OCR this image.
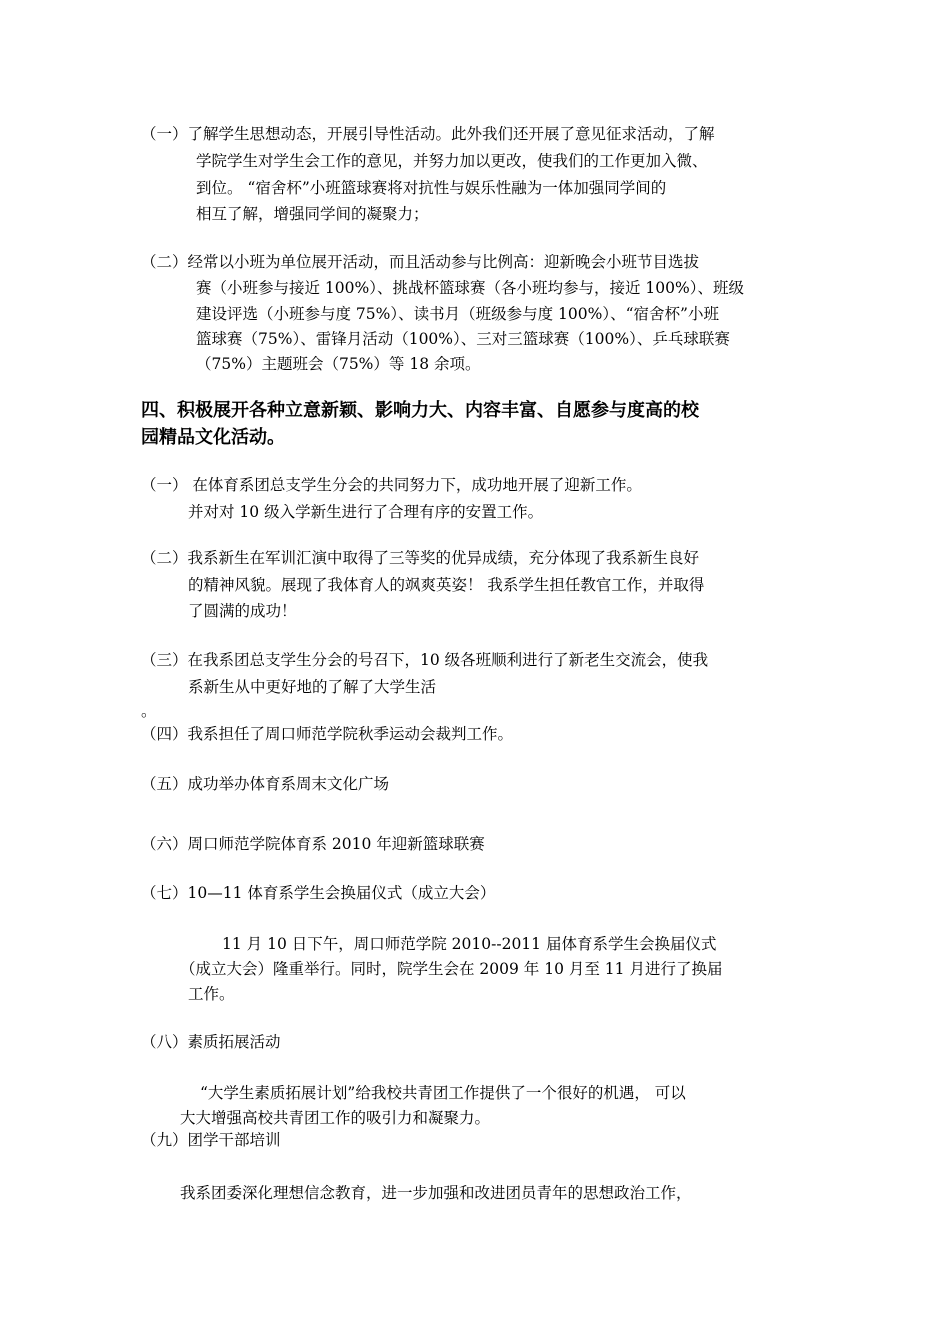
（一）了解学生思想动态，开展引导性活动。此外我们还开展了意见征求活动，了解
学院学生对学生会工作的意见，并努力加以更改，使我们的工作更加入微、
到位。 “宿舍杯”小班篮球赛将对抗性与娱乐性融为一体加强同学间的
相互了解，增强同学间的凝聚力；
（二）经常以小班为单位展开活动，而且活动参与比例高：迎新晚会小班节目选拔
赛（小班参与接近 100%）、挑战杯篮球赛（各小班均参与，接近 100%）、班级
建设评选（小班参与度 75%）、读书月（班级参与度 100%）、“宿舍杯”小班
篮球赛（75%）、雷锋月活动（100%）、三对三篮球赛（100%）、乒乓球联赛
（75%）主题班会（75%）等 18 余项。
四、积极展开各种立意新颖、影响力大、内容丰富、自愿参与度高的校
园精品文化活动。
（一） 在体育系团总支学生分会的共同努力下，成功地开展了迎新工作。
并对对 10 级入学新生进行了合理有序的安置工作。
（二）我系新生在军训汇演中取得了三等奖的优异成绩，充分体现了我系新生良好
的精神风貌。展现了我体育人的飒爽英姿！ 我系学生担任教官工作，并取得
了圆满的成功！
（三）在我系团总支学生分会的号召下，10 级各班顺利进行了新老生交流会，使我
系新生从中更好地的了解了大学生活
。
（四）我系担任了周口师范学院秋季运动会裁判工作。
（五）成功举办体育系周末文化广场
（六）周口师范学院体育系 2010 年迎新篮球联赛
（七）10—11 体育系学生会换届仪式（成立大会）
11 月 10 日下午，周口师范学院 2010--2011 届体育系学生会换届仪式
（成立大会）隆重举行。同时，院学生会在 2009 年 10 月至 11 月进行了换届
工作。
（八）素质拓展活动
“大学生素质拓展计划”给我校共青团工作提供了一个很好的机遇， 可以
大大增强高校共青团工作的吸引力和凝聚力。
（九）团学干部培训
我系团委深化理想信念教育，进一步加强和改进团员青年的思想政治工作，
